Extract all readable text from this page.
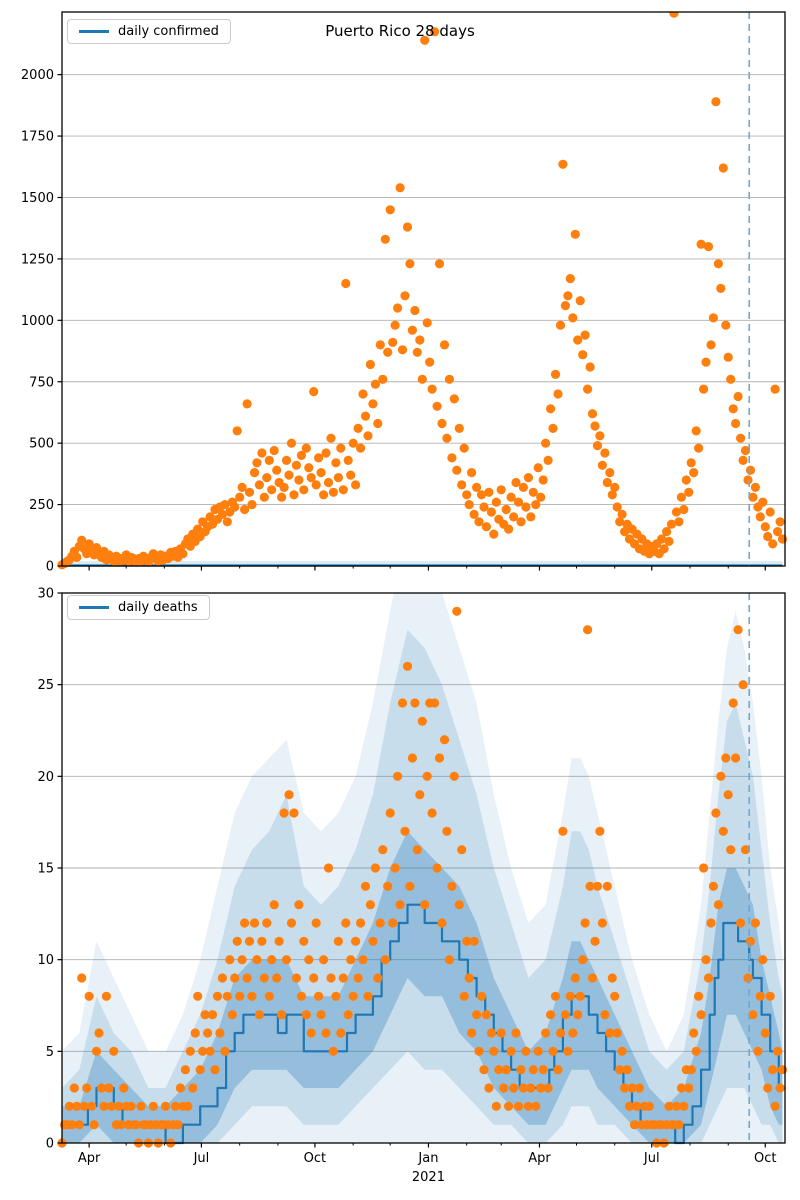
0
250
500
750
1000
1250
1500
1750
2000
0
5
10
15
20
25
30
Apr	Jul	Oct	Jan	Apr	Jul	Oct
2021
Puerto Rico 28 days
daily confirmed
daily deaths
